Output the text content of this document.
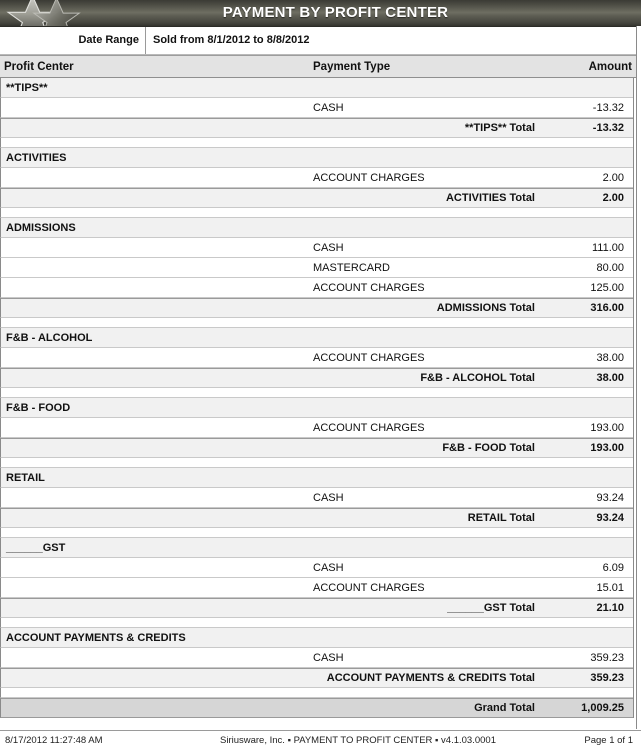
PAYMENT BY PROFIT CENTER
Date Range	Sold from 8/1/2012 to 8/8/2012
Profit Center	Payment Type	Amount
**TIPS**
CASH	-13.32
**TIPS** Total	-13.32
ACTIVITIES
ACCOUNT CHARGES	2.00
ACTIVITIES Total	2.00
ADMISSIONS
CASH	111.00
MASTERCARD	80.00
ACCOUNT CHARGES	125.00
ADMISSIONS Total	316.00
F&B - ALCOHOL
ACCOUNT CHARGES	38.00
F&B - ALCOHOL Total	38.00
F&B - FOOD
ACCOUNT CHARGES	193.00
F&B - FOOD Total	193.00
RETAIL
CASH	93.24
RETAIL Total	93.24
______GST
CASH	6.09
ACCOUNT CHARGES	15.01
______GST Total	21.10
ACCOUNT PAYMENTS & CREDITS
CASH	359.23
ACCOUNT PAYMENTS & CREDITS Total	359.23
Grand Total	1,009.25
8/17/2012 11:27:48 AM	Siriusware, Inc. ▪ PAYMENT TO PROFIT CENTER ▪ v4.1.03.0001	Page 1 of 1
